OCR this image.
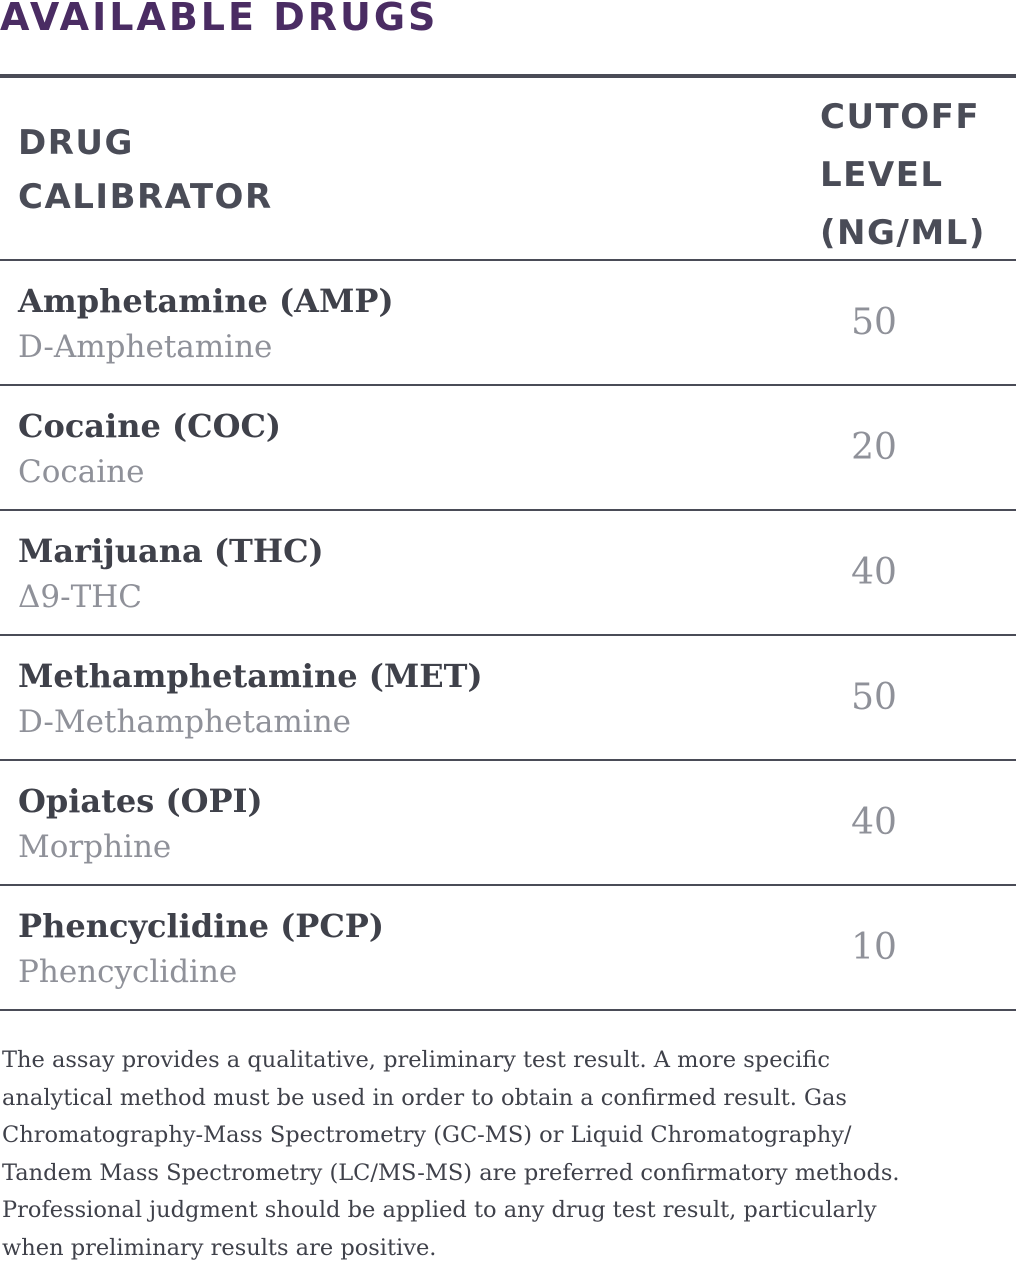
AVAILABLE DRUGS
DRUG
CALIBRATOR
CUTOFF
LEVEL
(NG/ML)
Amphetamine (AMP)
D-Amphetamine
50
Cocaine (COC)
Cocaine
20
Marijuana (THC)
Δ9-THC
40
Methamphetamine (MET)
D-Methamphetamine
50
Opiates (OPI)
Morphine
40
Phencyclidine (PCP)
Phencyclidine
10

The assay provides a qualitative, preliminary test result. A more specific
analytical method must be used in order to obtain a confirmed result. Gas
Chromatography-Mass Spectrometry (GC-MS) or Liquid Chromatography/
Tandem Mass Spectrometry (LC/MS-MS) are preferred confirmatory methods.
Professional judgment should be applied to any drug test result, particularly
when preliminary results are positive.
